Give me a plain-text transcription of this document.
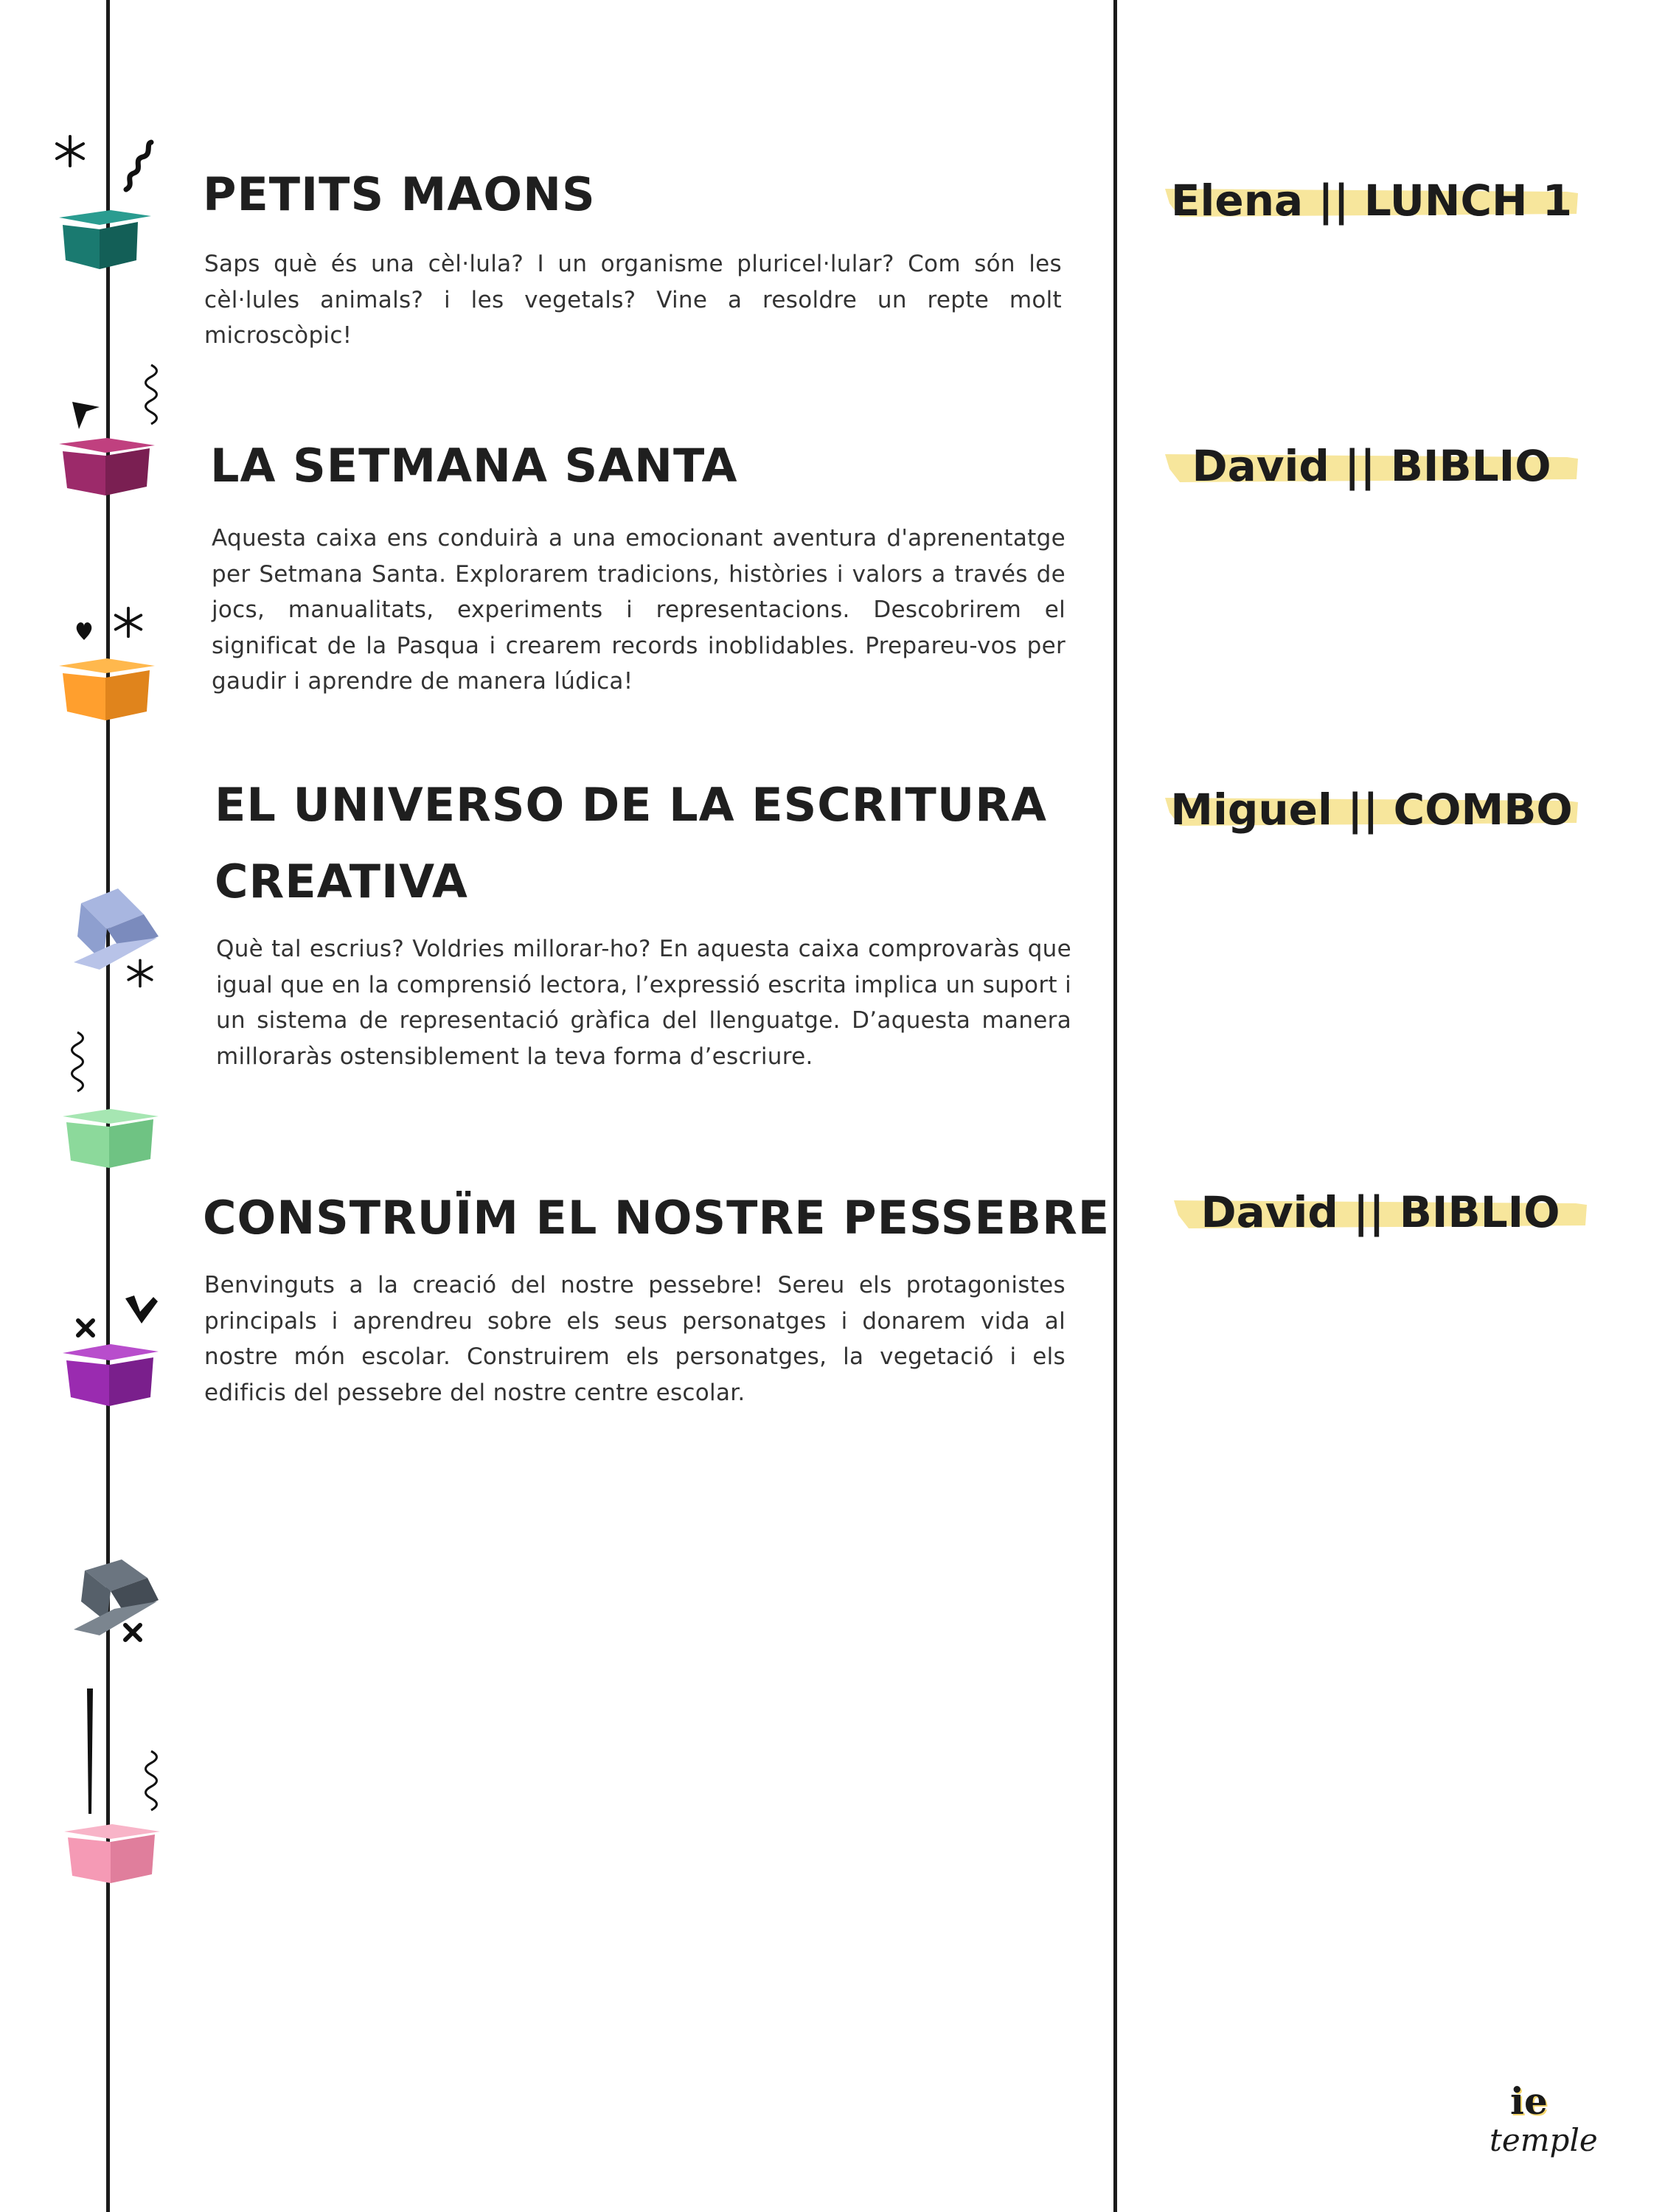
PETITS MAONS

Saps què és una cèl·lula? I un organisme pluricel·lular? Com són les cèl·lules animals? i les vegetals? Vine a resoldre un repte molt microscòpic!

Elena || LUNCH 1
LA SETMANA SANTA

Aquesta caixa ens conduirà a una emocionant aventura d'aprenentatge per Setmana Santa. Explorarem tradicions, històries i valors a través de jocs, manualitats, experiments i representacions. Descobrirem el significat de la Pasqua i crearem records inoblidables. Prepareu-vos per gaudir i aprendre de manera lúdica!

David || BIBLIO
EL UNIVERSO DE LA ESCRITURA
CREATIVA

Què tal escrius? Voldries millorar-ho? En aquesta caixa comprovaràs que igual que en la comprensió lectora, l’expressió escrita implica un suport i un sistema de representació gràfica del llenguatge. D’aquesta manera milloraràs ostensiblement la teva forma d’escriure.

Miguel || COMBO
CONSTRUÏM EL NOSTRE PESSEBRE

Benvinguts a la creació del nostre pessebre! Sereu els protagonistes principals i aprendreu sobre els seus personatges i donarem vida al nostre món escolar. Construirem els personatges, la vegetació i els edificis del pessebre del nostre centre escolar.

David || BIBLIO
ie
temple
